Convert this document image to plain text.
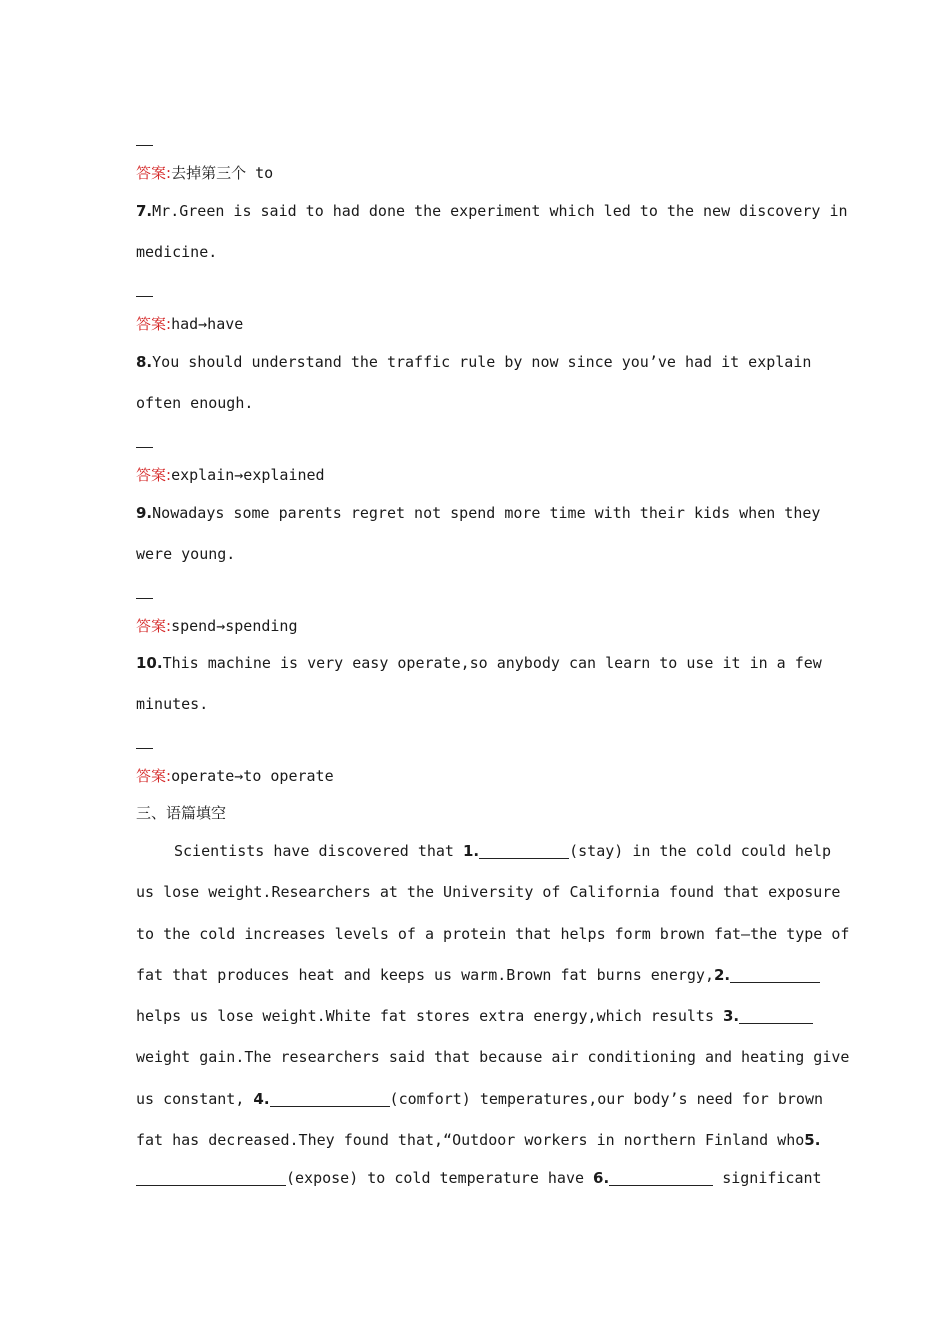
答案:去掉第三个 to
7.Mr.Green is said to had done the experiment which led to the new discovery in
medicine.
答案:had→have
8.You should understand the traffic rule by now since you’ve had it explain
often enough.
答案:explain→explained
9.Nowadays some parents regret not spend more time with their kids when they
were young.
答案:spend→spending
10.This machine is very easy operate,so anybody can learn to use it in a few
minutes.
答案:operate→to operate
三、语篇填空
Scientists have discovered that 1.	(stay) in the cold could help
us lose weight.Researchers at the University of California found that exposure
to the cold increases levels of a protein that helps form brown fat—the type of
fat that produces heat and keeps us warm.Brown fat burns energy,2.
helps us lose weight.White fat stores extra energy,which results 3.
weight gain.The researchers said that because air conditioning and heating give
us constant, 4.	(comfort) temperatures,our body’s need for brown
fat has decreased.They found that,“Outdoor workers in northern Finland who5.
(expose) to cold temperature have 6.	significant
